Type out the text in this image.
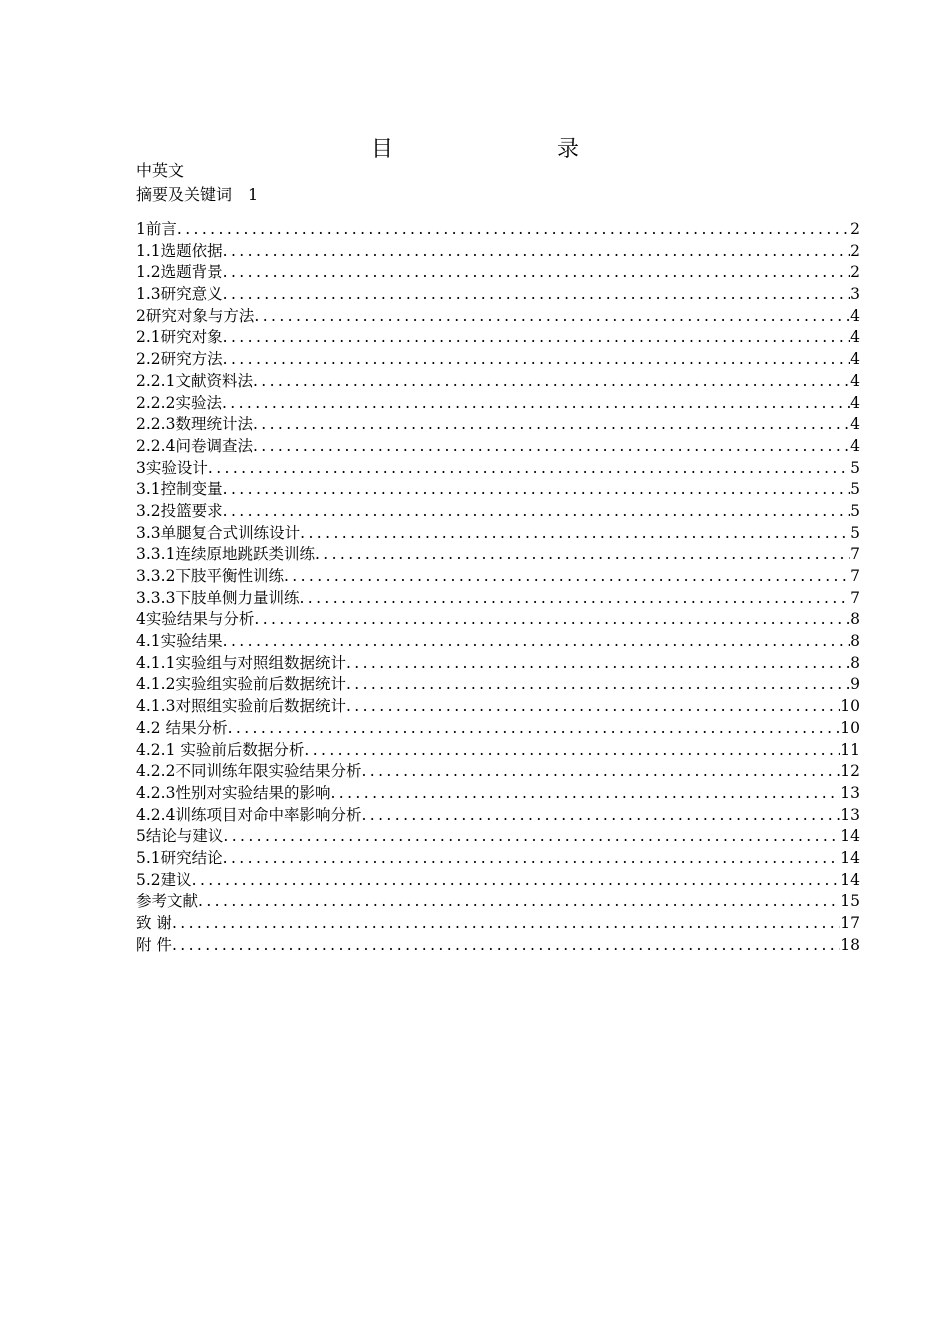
目　　录
中英文
摘要及关键词　1
1前言 .....	2
1.1选题依据 .....	2
1.2选题背景 .....	2
1.3研究意义 .....	3
2研究对象与方法 .....	4
2.1研究对象 .....	4
2.2研究方法 .....	4
2.2.1文献资料法 .....	4
2.2.2实验法 .....	4
2.2.3数理统计法 .....	4
2.2.4问卷调查法 .....	4
3实验设计 .....	5
3.1控制变量 .....	5
3.2投篮要求 .....	5
3.3单腿复合式训练设计 .....	5
3.3.1连续原地跳跃类训练 .....	7
3.3.2下肢平衡性训练 .....	7
3.3.3下肢单侧力量训练 .....	7
4实验结果与分析 .....	8
4.1实验结果 .....	8
4.1.1实验组与对照组数据统计 .....	8
4.1.2实验组实验前后数据统计 .....	9
4.1.3对照组实验前后数据统计 .....	10
4.2 结果分析 .....	10
4.2.1 实验前后数据分析 .....	11
4.2.2不同训练年限实验结果分析 .....	12
4.2.3性别对实验结果的影响 .....	13
4.2.4训练项目对命中率影响分析 .....	13
5结论与建议 .....	14
5.1研究结论 .....	14
5.2建议 .....	14
参考文献 .....	15
致 谢 .....	17
附 件 .....	18
